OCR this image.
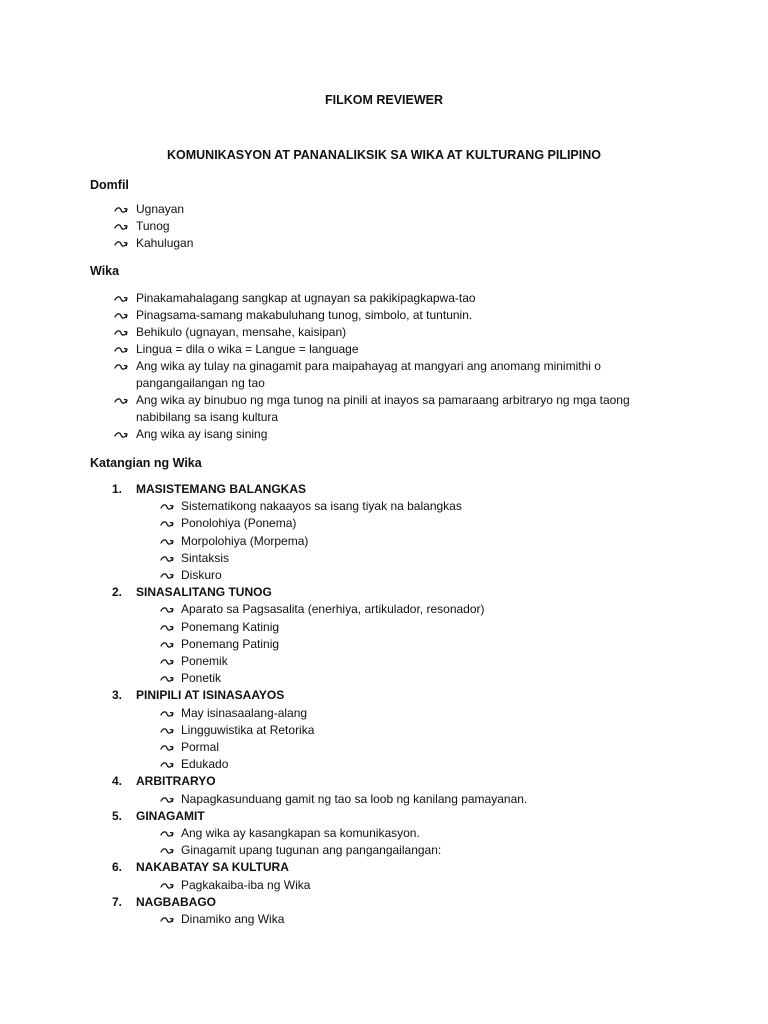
FILKOM REVIEWER
KOMUNIKASYON AT PANANALIKSIK SA WIKA AT KULTURANG PILIPINO
Domfil
Ugnayan
Tunog
Kahulugan
Wika
Pinakamahalagang sangkap at ugnayan sa pakikipagkapwa-tao
Pinagsama-samang makabuluhang tunog, simbolo, at tuntunin.
Behikulo (ugnayan, mensahe, kaisipan)
Lingua = dila o wika = Langue = language
Ang wika ay tulay na ginagamit para maipahayag at mangyari ang anomang minimithi o pangangailangan ng tao
Ang wika ay binubuo ng mga tunog na pinili at inayos sa pamaraang arbitraryo ng mga taong nabibilang sa isang kultura
Ang wika ay isang sining
Katangian ng Wika
1. MASISTEMANG BALANGKAS
Sistematikong nakaayos sa isang tiyak na balangkas
Ponolohiya (Ponema)
Morpolohiya (Morpema)
Sintaksis
Diskuro
2. SINASALITANG TUNOG
Aparato sa Pagsasalita (enerhiya, artikulador, resonador)
Ponemang Katinig
Ponemang Patinig
Ponemik
Ponetik
3. PINIPILI AT ISINASAAYOS
May isinasaalang-alang
Lingguwistika at Retorika
Pormal
Edukado
4. ARBITRARYO
Napagkasunduang gamit ng tao sa loob ng kanilang pamayanan.
5. GINAGAMIT
Ang wika ay kasangkapan sa komunikasyon.
Ginagamit upang tugunan ang pangangailangan:
6. NAKABATAY SA KULTURA
Pagkakaiba-iba ng Wika
7. NAGBABAGO
Dinamiko ang Wika
